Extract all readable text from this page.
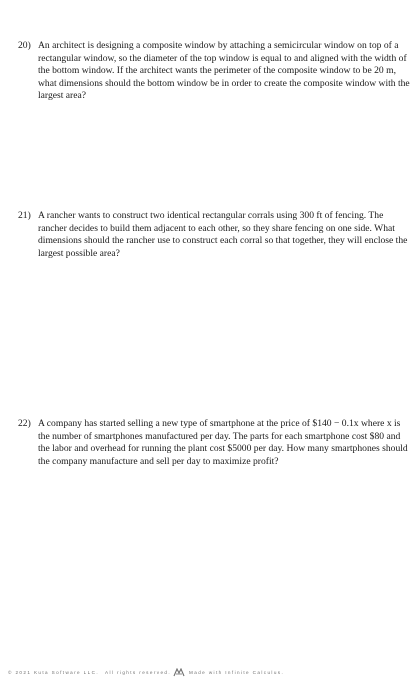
20) An architect is designing a composite window by attaching a semicircular window on top of a rectangular window, so the diameter of the top window is equal to and aligned with the width of the bottom window. If the architect wants the perimeter of the composite window to be 20 m, what dimensions should the bottom window be in order to create the composite window with the largest area?
21) A rancher wants to construct two identical rectangular corrals using 300 ft of fencing. The rancher decides to build them adjacent to each other, so they share fencing on one side. What dimensions should the rancher use to construct each corral so that together, they will enclose the largest possible area?
22) A company has started selling a new type of smartphone at the price of $140 − 0.1x where x is the number of smartphones manufactured per day. The parts for each smartphone cost $80 and the labor and overhead for running the plant cost $5000 per day. How many smartphones should the company manufacture and sell per day to maximize profit?
© 2021 Kuta Software LLC. All rights reserved.	Made with Infinite Calculus.
